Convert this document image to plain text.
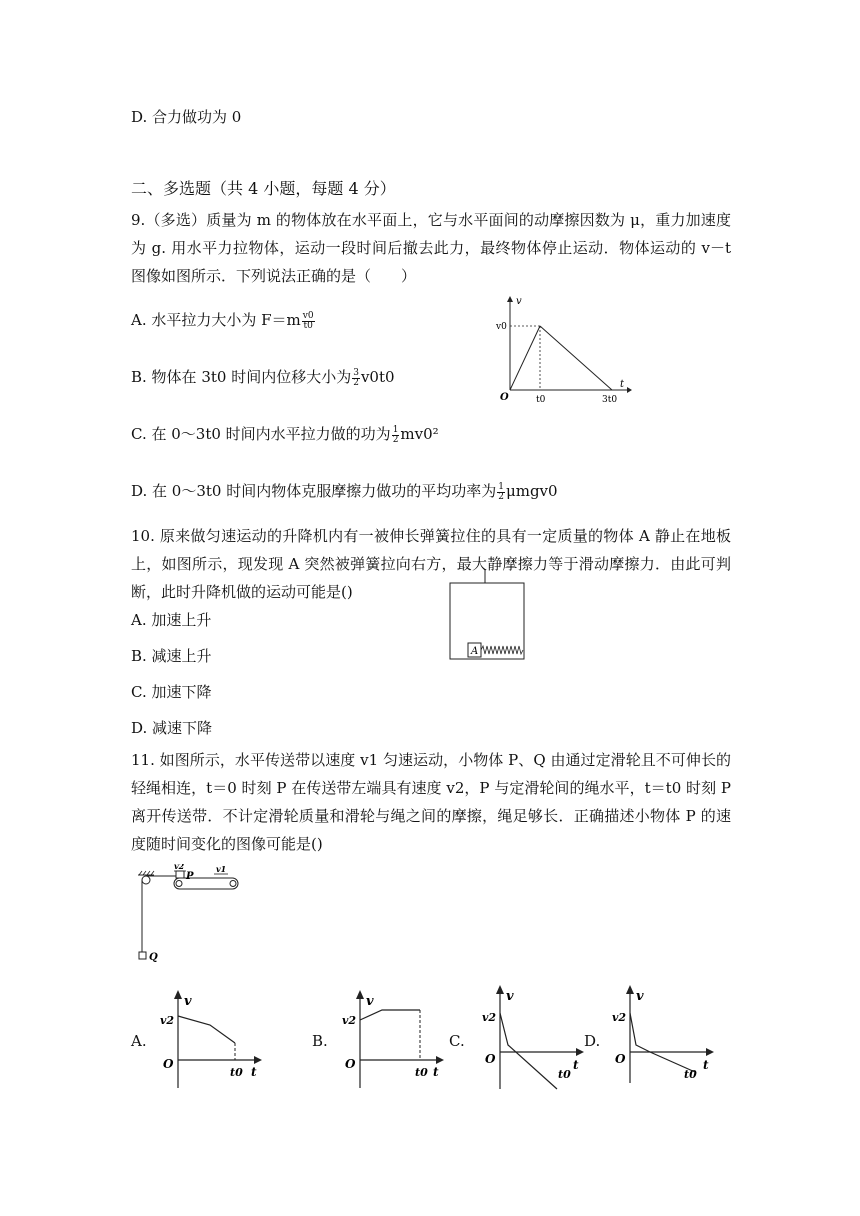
D. 合力做功为 0
二、多选题（共 4 小题，每题 4 分）
9.（多选）质量为 m 的物体放在水平面上，它与水平面间的动摩擦因数为 μ，重力加速度为 g. 用水平力拉物体，运动一段时间后撤去此力，最终物体停止运动．物体运动的 v－t 图像如图所示．下列说法正确的是（　　）
A. 水平拉力大小为 $F=m \frac{v0}{t0}$
B. 物体在 3t0 时间内位移大小为 $\frac{3}{2} v0t0$
C. 在 0～3t0 时间内水平拉力做的功为 $\frac{1}{2} mv0^2$
D. 在 0～3t0 时间内物体克服摩擦力做功的平均功率为 $\frac{1}{2} \mu mgv0$
v
t
v0
O	t0	3t0
10. 原来做匀速运动的升降机内有一被伸长弹簧拉住的具有一定质量的物体 A 静止在地板上，如图所示，现发现 A 突然被弹簧拉向右方，最大静摩擦力等于滑动摩擦力．由此可判断，此时升降机做的运动可能是()
A. 加速上升
B. 减速上升
C. 加速下降
D. 减速下降
A
11. 如图所示，水平传送带以速度 v1 匀速运动，小物体 P、Q 由通过定滑轮且不可伸长的轻绳相连，t＝0 时刻 P 在传送带左端具有速度 v2，P 与定滑轮间的绳水平，t＝t0 时刻 P 离开传送带．不计定滑轮质量和滑轮与绳之间的摩擦，绳足够长．正确描述小物体 P 的速度随时间变化的图像可能是()
P
v2	v1
Q
A.	B.	C.	D.
v
v2
O
t0 t
v
v2
O
t0 t
v
v2
O
t0
t
v
v2
O
t0
t
